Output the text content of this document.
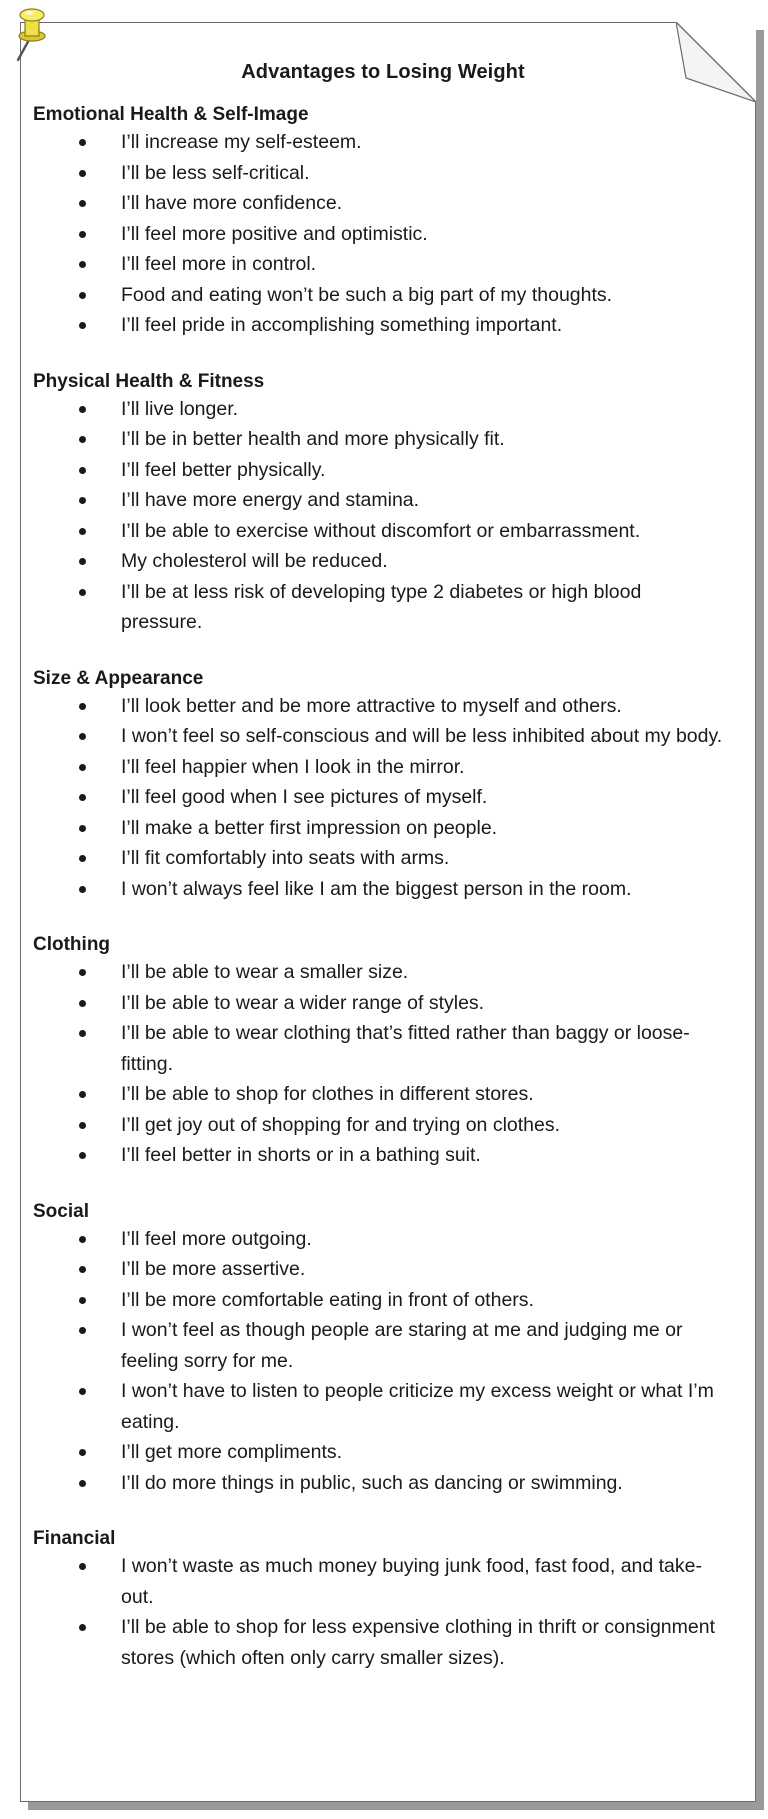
Advantages to Losing Weight
Emotional Health & Self-Image
I’ll increase my self-esteem.
I’ll be less self-critical.
I’ll have more confidence.
I’ll feel more positive and optimistic.
I’ll feel more in control.
Food and eating won’t be such a big part of my thoughts.
I’ll feel pride in accomplishing something important.
Physical Health & Fitness
I’ll live longer.
I’ll be in better health and more physically fit.
I’ll feel better physically.
I’ll have more energy and stamina.
I’ll be able to exercise without discomfort or embarrassment.
My cholesterol will be reduced.
I’ll be at less risk of developing type 2 diabetes or high blood pressure.
Size & Appearance
I’ll look better and be more attractive to myself and others.
I won’t feel so self-conscious and will be less inhibited about my body.
I’ll feel happier when I look in the mirror.
I’ll feel good when I see pictures of myself.
I’ll make a better first impression on people.
I’ll fit comfortably into seats with arms.
I won’t always feel like I am the biggest person in the room.
Clothing
I’ll be able to wear a smaller size.
I’ll be able to wear a wider range of styles.
I’ll be able to wear clothing that’s fitted rather than baggy or loose-fitting.
I’ll be able to shop for clothes in different stores.
I’ll get joy out of shopping for and trying on clothes.
I’ll feel better in shorts or in a bathing suit.
Social
I’ll feel more outgoing.
I’ll be more assertive.
I’ll be more comfortable eating in front of others.
I won’t feel as though people are staring at me and judging me or feeling sorry for me.
I won’t have to listen to people criticize my excess weight or what I’m eating.
I’ll get more compliments.
I’ll do more things in public, such as dancing or swimming.
Financial
I won’t waste as much money buying junk food, fast food, and take-out.
I’ll be able to shop for less expensive clothing in thrift or consignment stores (which often only carry smaller sizes).
